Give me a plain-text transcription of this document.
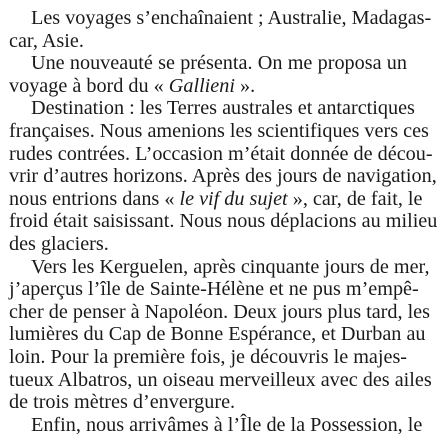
Les voyages s’enchaînaient ; Australie, Madagas-
car, Asie.
Une nouveauté se présenta. On me proposa un
voyage à bord du « Gallieni ».
Destination : les Terres australes et antarctiques
françaises. Nous amenions les scientifiques vers ces
rudes contrées. L’occasion m’était donnée de décou-
vrir d’autres horizons. Après des jours de navigation,
nous entrions dans « le vif du sujet », car, de fait, le
froid était saisissant. Nous nous déplacions au milieu
des glaciers.
Vers les Kerguelen, après cinquante jours de mer,
j’aperçus l’île de Sainte-Hélène et ne pus m’empê-
cher de penser à Napoléon. Deux jours plus tard, les
lumières du Cap de Bonne Espérance, et Durban au
loin. Pour la première fois, je découvris le majes-
tueux Albatros, un oiseau merveilleux avec des ailes
de trois mètres d’envergure.
Enfin, nous arrivâmes à l’Île de la Possession, le
